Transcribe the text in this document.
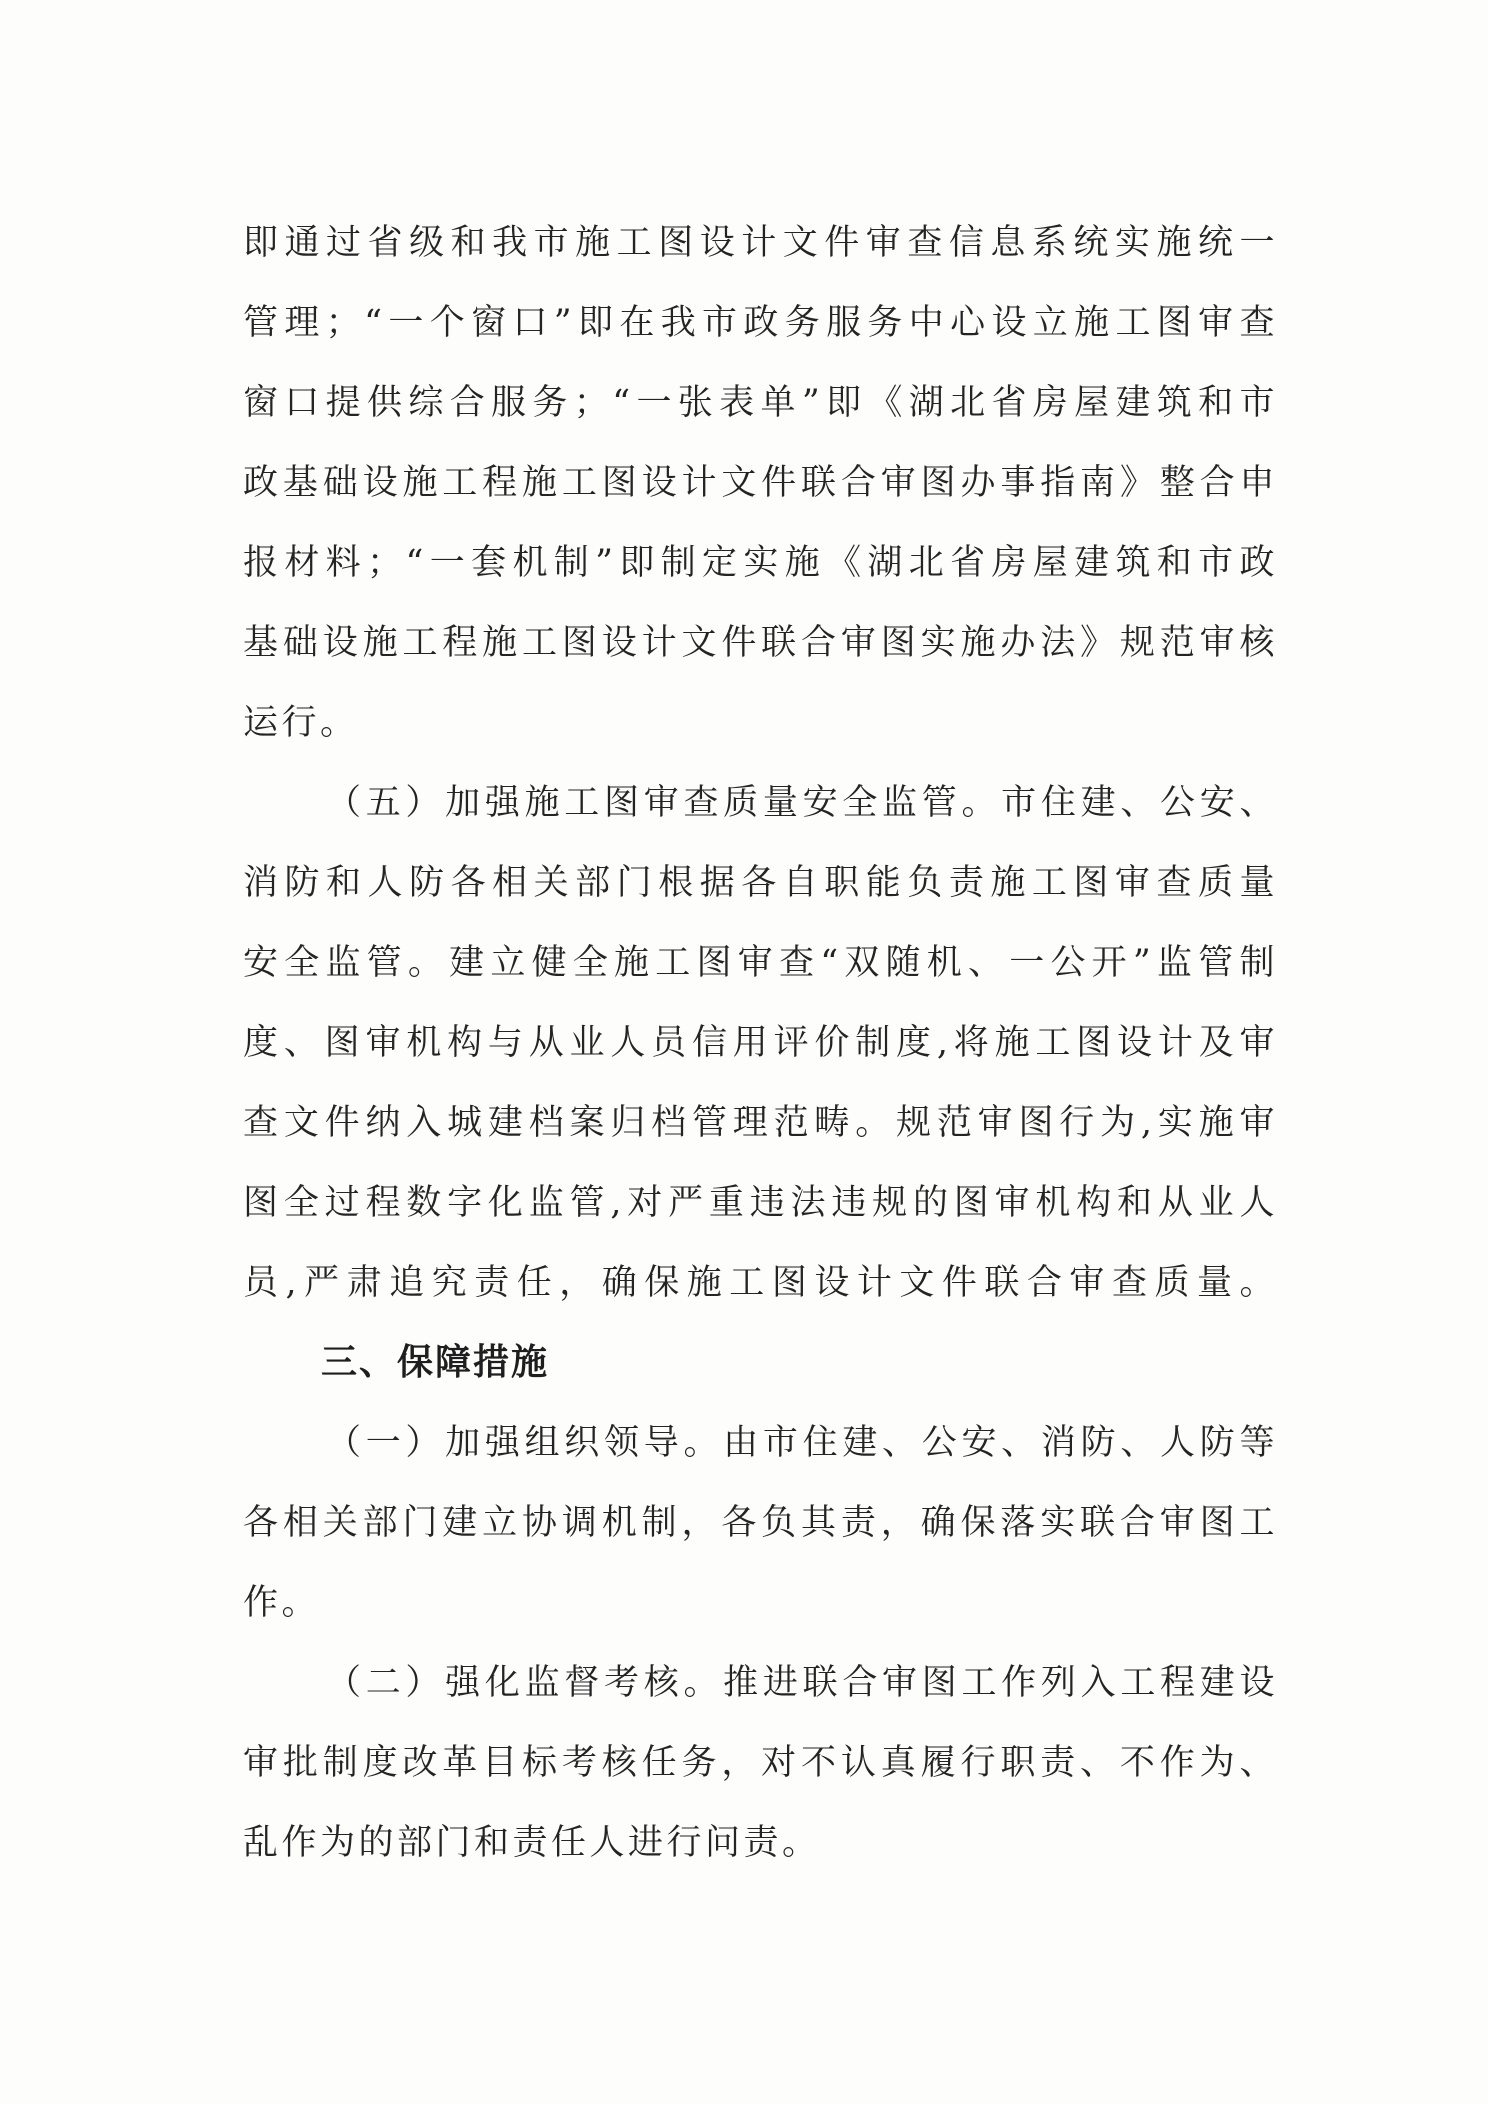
即通过省级和我市施工图设计文件审查信息系统实施统一
管理；“一个窗口”即在我市政务服务中心设立施工图审查
窗口提供综合服务；“一张表单”即《湖北省房屋建筑和市
政基础设施工程施工图设计文件联合审图办事指南》整合申
报材料；“一套机制”即制定实施《湖北省房屋建筑和市政
基础设施工程施工图设计文件联合审图实施办法》规范审核
运行。
（五）加强施工图审查质量安全监管。市住建、公安、
消防和人防各相关部门根据各自职能负责施工图审查质量
安全监管。建立健全施工图审查“双随机、一公开”监管制
度、图审机构与从业人员信用评价制度,将施工图设计及审
查文件纳入城建档案归档管理范畴。规范审图行为,实施审
图全过程数字化监管,对严重违法违规的图审机构和从业人
员,严肃追究责任，确保施工图设计文件联合审查质量。
三、保障措施
（一）加强组织领导。由市住建、公安、消防、人防等
各相关部门建立协调机制，各负其责，确保落实联合审图工
作。
（二）强化监督考核。推进联合审图工作列入工程建设
审批制度改革目标考核任务，对不认真履行职责、不作为、
乱作为的部门和责任人进行问责。
